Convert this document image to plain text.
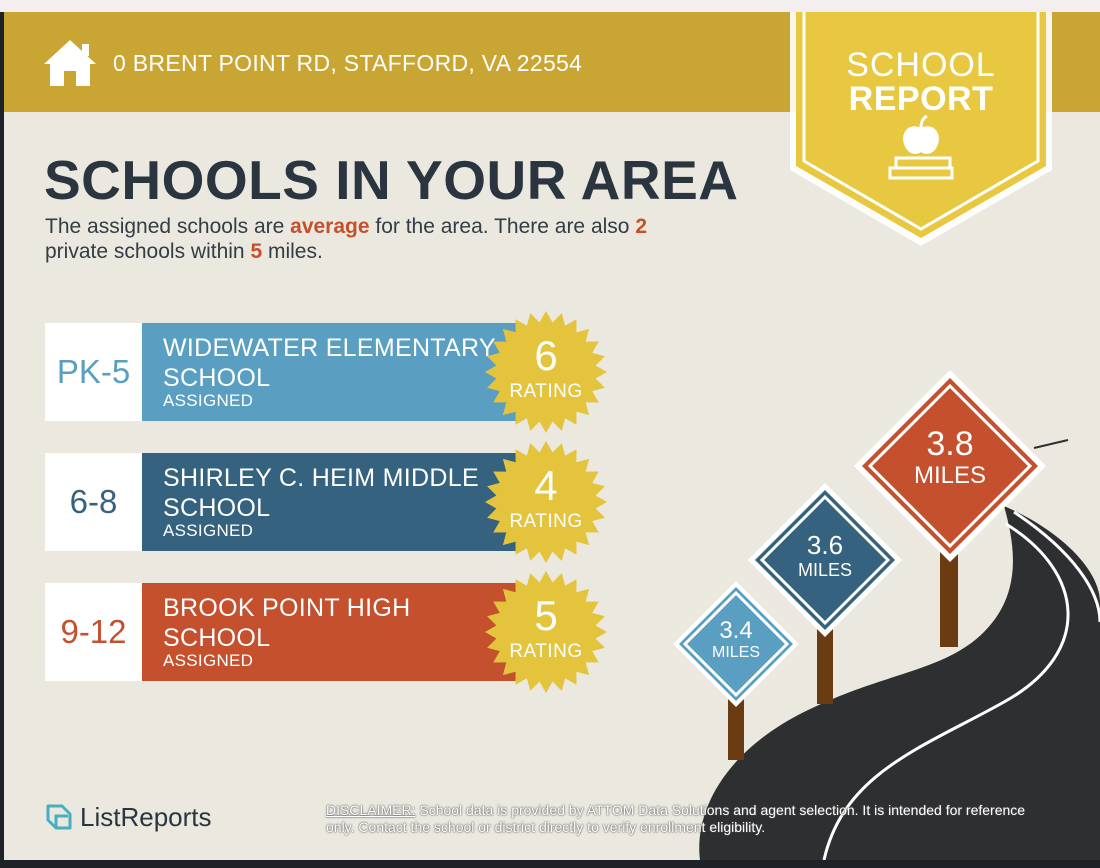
0 BRENT POINT RD, STAFFORD, VA 22554	SCHOOL
REPORT
SCHOOLS IN YOUR AREA
The assigned schools are average for the area. There are also 2
private schools within 5 miles.
PK-5
WIDEWATER ELEMENTARY SCHOOL
ASSIGNED
6
RATING
6-8
SHIRLEY C. HEIM MIDDLE SCHOOL
ASSIGNED
4
RATING
9-12
BROOK POINT HIGH SCHOOL
ASSIGNED
5
RATING
3.4
MILES
3.6
MILES
3.8
MILES
ListReports	DISCLAIMER: School data is provided by ATTOM Data Solutions and agent selection. It is intended for reference only. Contact the school or district directly to verify enrollment eligibility.
